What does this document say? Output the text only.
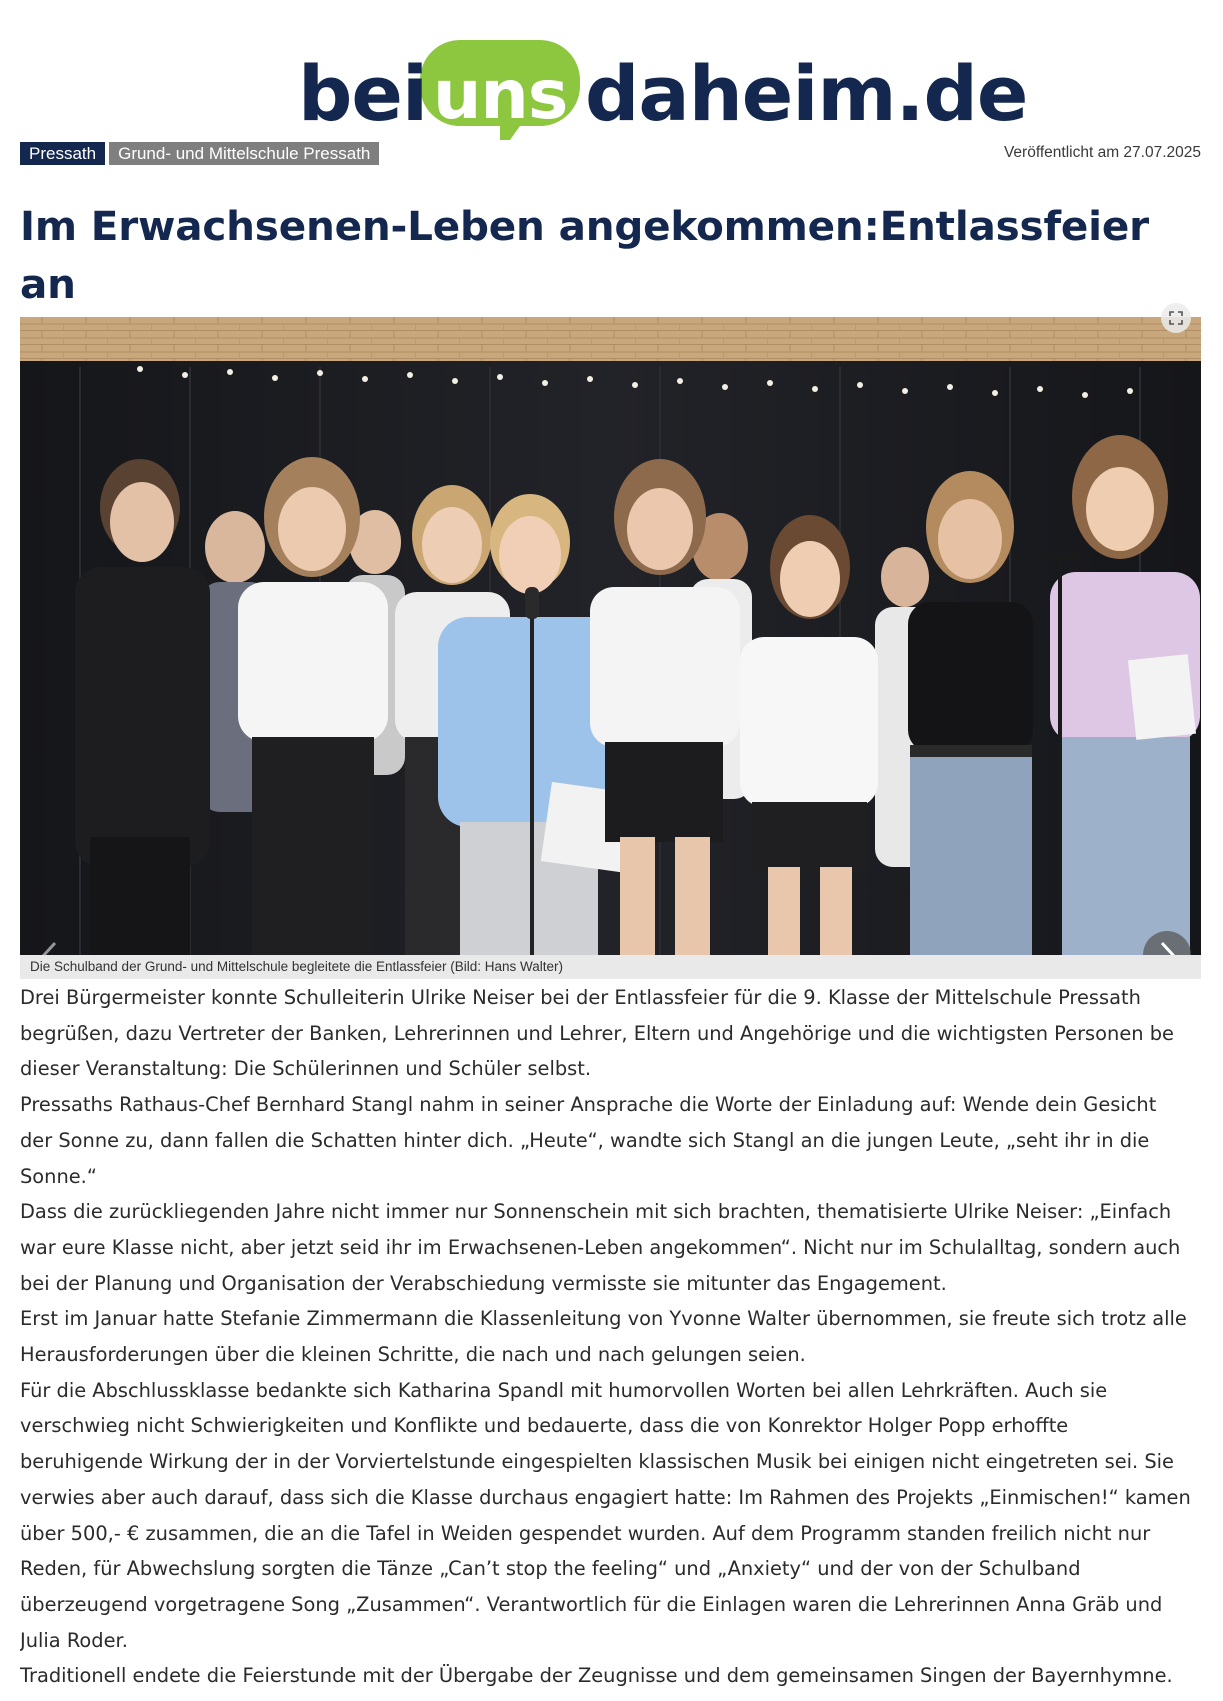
bei uns daheim.de
Pressath	Grund- und Mittelschule Pressath	Veröffentlicht am 27.07.2025
Im Erwachsenen-Leben angekommen:Entlassfeier an

Die Schulband der Grund- und Mittelschule begleitete die Entlassfeier (Bild: Hans Walter)

Drei Bürgermeister konnte Schulleiterin Ulrike Neiser bei der Entlassfeier für die 9. Klasse der Mittelschule Pressath

begrüßen, dazu Vertreter der Banken, Lehrerinnen und Lehrer, Eltern und Angehörige und die wichtigsten Personen be

dieser Veranstaltung: Die Schülerinnen und Schüler selbst.

Pressaths Rathaus-Chef Bernhard Stangl nahm in seiner Ansprache die Worte der Einladung auf: Wende dein Gesicht

der Sonne zu, dann fallen die Schatten hinter dich. „Heute“, wandte sich Stangl an die jungen Leute, „seht ihr in die

Sonne.“

Dass die zurückliegenden Jahre nicht immer nur Sonnenschein mit sich brachten, thematisierte Ulrike Neiser: „Einfach

war eure Klasse nicht, aber jetzt seid ihr im Erwachsenen-Leben angekommen“. Nicht nur im Schulalltag, sondern auch

bei der Planung und Organisation der Verabschiedung vermisste sie mitunter das Engagement.

Erst im Januar hatte Stefanie Zimmermann die Klassenleitung von Yvonne Walter übernommen, sie freute sich trotz alle

Herausforderungen über die kleinen Schritte, die nach und nach gelungen seien.

Für die Abschlussklasse bedankte sich Katharina Spandl mit humorvollen Worten bei allen Lehrkräften. Auch sie

verschwieg nicht Schwierigkeiten und Konflikte und bedauerte, dass die von Konrektor Holger Popp erhoffte

beruhigende Wirkung der in der Vorviertelstunde eingespielten klassischen Musik bei einigen nicht eingetreten sei. Sie

verwies aber auch darauf, dass sich die Klasse durchaus engagiert hatte: Im Rahmen des Projekts „Einmischen!“ kamen

über 500,- € zusammen, die an die Tafel in Weiden gespendet wurden. Auf dem Programm standen freilich nicht nur

Reden, für Abwechslung sorgten die Tänze „Can’t stop the feeling“ und „Anxiety“ und der von der Schulband

überzeugend vorgetragene Song „Zusammen“. Verantwortlich für die Einlagen waren die Lehrerinnen Anna Gräb und

Julia Roder.

Traditionell endete die Feierstunde mit der Übergabe der Zeugnisse und dem gemeinsamen Singen der Bayernhymne.
